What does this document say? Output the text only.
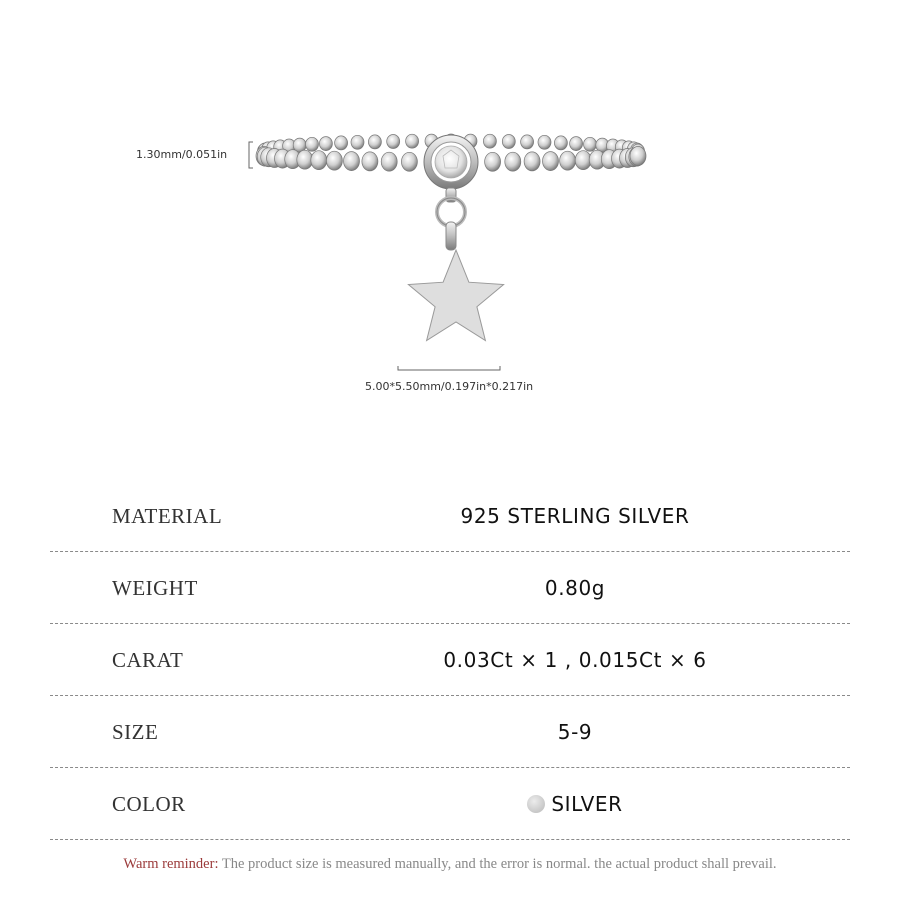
1.30mm/0.051in
5.00*5.50mm/0.197in*0.217in
MATERIAL	925 STERLING SILVER
WEIGHT	0.80g
CARAT	0.03Ct × 1 , 0.015Ct × 6
SIZE	5-9
COLOR	SILVER
Warm reminder: The product size is measured manually, and the error is normal. the actual product shall prevail.
